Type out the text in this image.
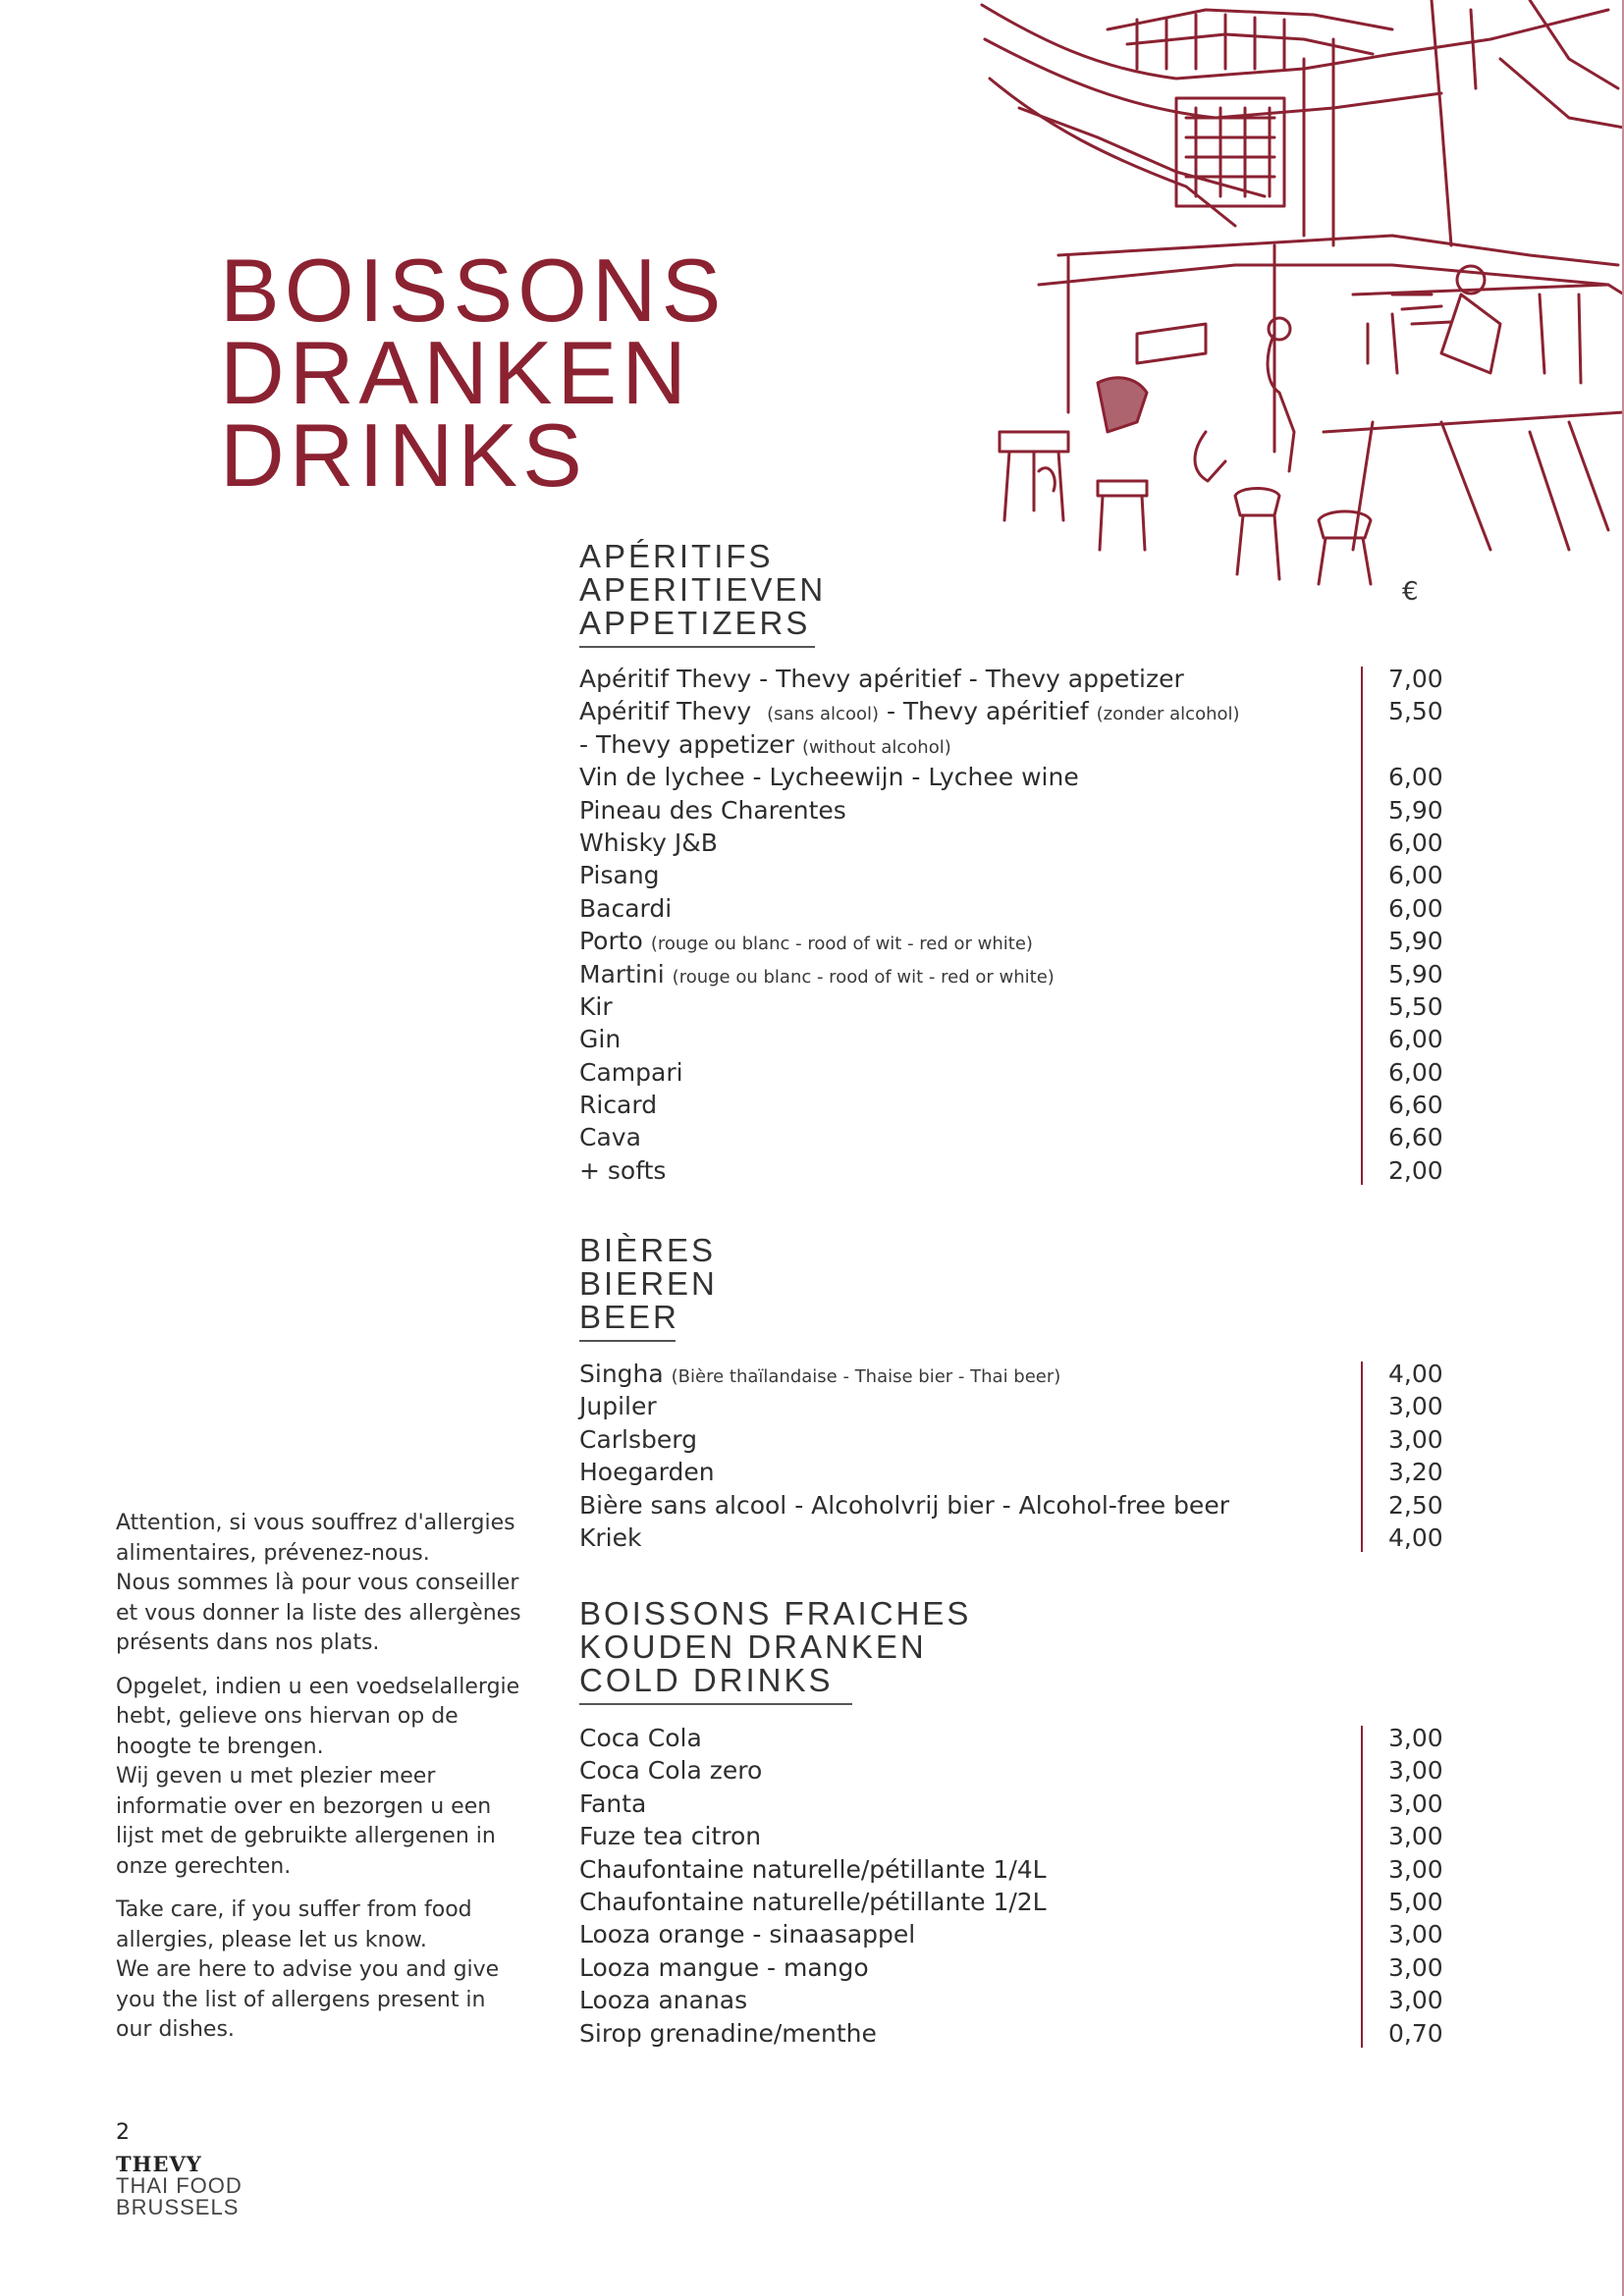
BOISSONS
DRANKEN
DRINKS
€
APÉRITIFS
APERITIEVEN
APPETIZERS
Apéritif Thevy - Thevy apéritief - Thevy appetizer	7,00
Apéritif Thevy (sans alcool) - Thevy apéritief (zonder alcohol)	5,50
- Thevy appetizer (without alcohol)
Vin de lychee - Lycheewijn - Lychee wine	6,00
Pineau des Charentes	5,90
Whisky J&B	6,00
Pisang	6,00
Bacardi	6,00
Porto (rouge ou blanc - rood of wit - red or white)	5,90
Martini (rouge ou blanc - rood of wit - red or white)	5,90
Kir	5,50
Gin	6,00
Campari	6,00
Ricard	6,60
Cava	6,60
+ softs	2,00
BIÈRES
BIEREN
BEER
Singha (Bière thaïlandaise - Thaise bier - Thai beer)	4,00
Jupiler	3,00
Carlsberg	3,00
Hoegarden	3,20
Bière sans alcool - Alcoholvrij bier - Alcohol-free beer	2,50
Kriek	4,00
BOISSONS FRAICHES
KOUDEN DRANKEN
COLD DRINKS
Coca Cola	3,00
Coca Cola zero	3,00
Fanta	3,00
Fuze tea citron	3,00
Chaufontaine naturelle/pétillante 1/4L	3,00
Chaufontaine naturelle/pétillante 1/2L	5,00
Looza orange - sinaasappel	3,00
Looza mangue - mango	3,00
Looza ananas	3,00
Sirop grenadine/menthe	0,70

Attention, si vous souffrez d'allergies
alimentaires, prévenez-nous.
Nous sommes là pour vous conseiller
et vous donner la liste des allergènes
présents dans nos plats.

Opgelet, indien u een voedselallergie
hebt, gelieve ons hiervan op de
hoogte te brengen.
Wij geven u met plezier meer
informatie over en bezorgen u een
lijst met de gebruikte allergenen in
onze gerechten.

Take care, if you suffer from food
allergies, please let us know.
We are here to advise you and give
you the list of allergens present in
our dishes.

2
THEVY
THAI FOOD
BRUSSELS
